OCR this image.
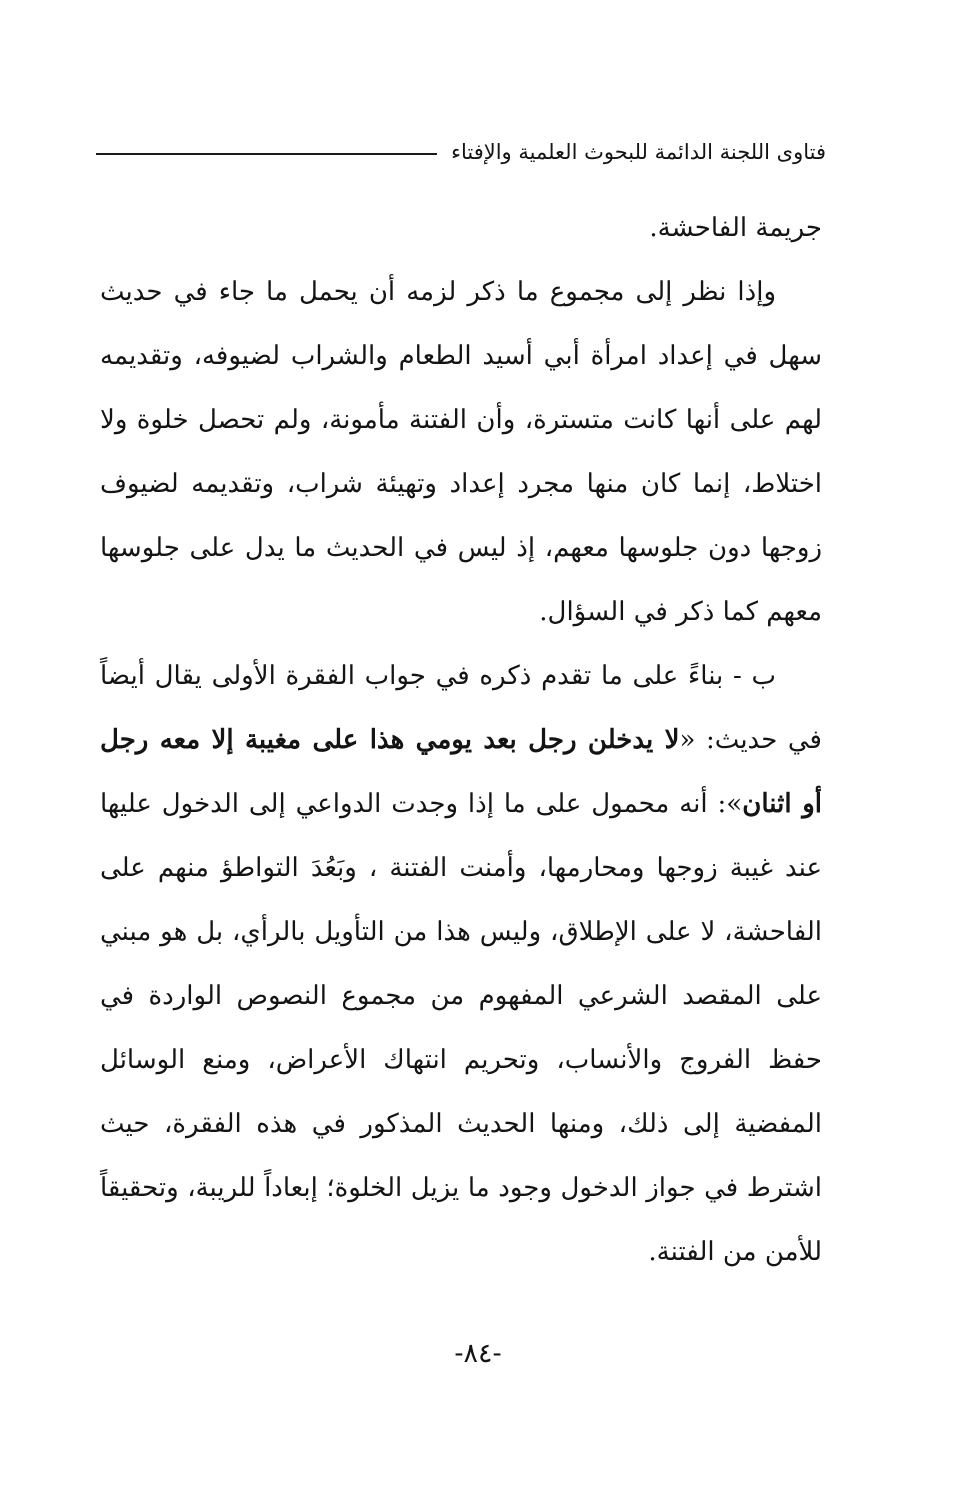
فتاوى اللجنة الدائمة للبحوث العلمية والإفتاء

جريمة الفاحشة.

وإذا نظر إلى مجموع ما ذكر لزمه أن يحمل ما جاء في حديث سهل في إعداد امرأة أبي أسيد الطعام والشراب لضيوفه، وتقديمه لهم على أنها كانت متسترة، وأن الفتنة مأمونة، ولم تحصل خلوة ولا اختلاط، إنما كان منها مجرد إعداد وتهيئة شراب، وتقديمه لضيوف زوجها دون جلوسها معهم، إذ ليس في الحديث ما يدل على جلوسها معهم كما ذكر في السؤال.

ب - بناءً على ما تقدم ذكره في جواب الفقرة الأولى يقال أيضاً في حديث: «لا يدخلن رجل بعد يومي هذا على مغيبة إلا معه رجل أو اثنان»: أنه محمول على ما إذا وجدت الدواعي إلى الدخول عليها عند غيبة زوجها ومحارمها، وأمنت الفتنة ، وبَعُدَ التواطؤ منهم على الفاحشة، لا على الإطلاق، وليس هذا من التأويل بالرأي، بل هو مبني على المقصد الشرعي المفهوم من مجموع النصوص الواردة في حفظ الفروج والأنساب، وتحريم انتهاك الأعراض، ومنع الوسائل المفضية إلى ذلك، ومنها الحديث المذكور في هذه الفقرة، حيث اشترط في جواز الدخول وجود ما يزيل الخلوة؛ إبعاداً للريبة، وتحقيقاً للأمن من الفتنة.

-٨٤-
